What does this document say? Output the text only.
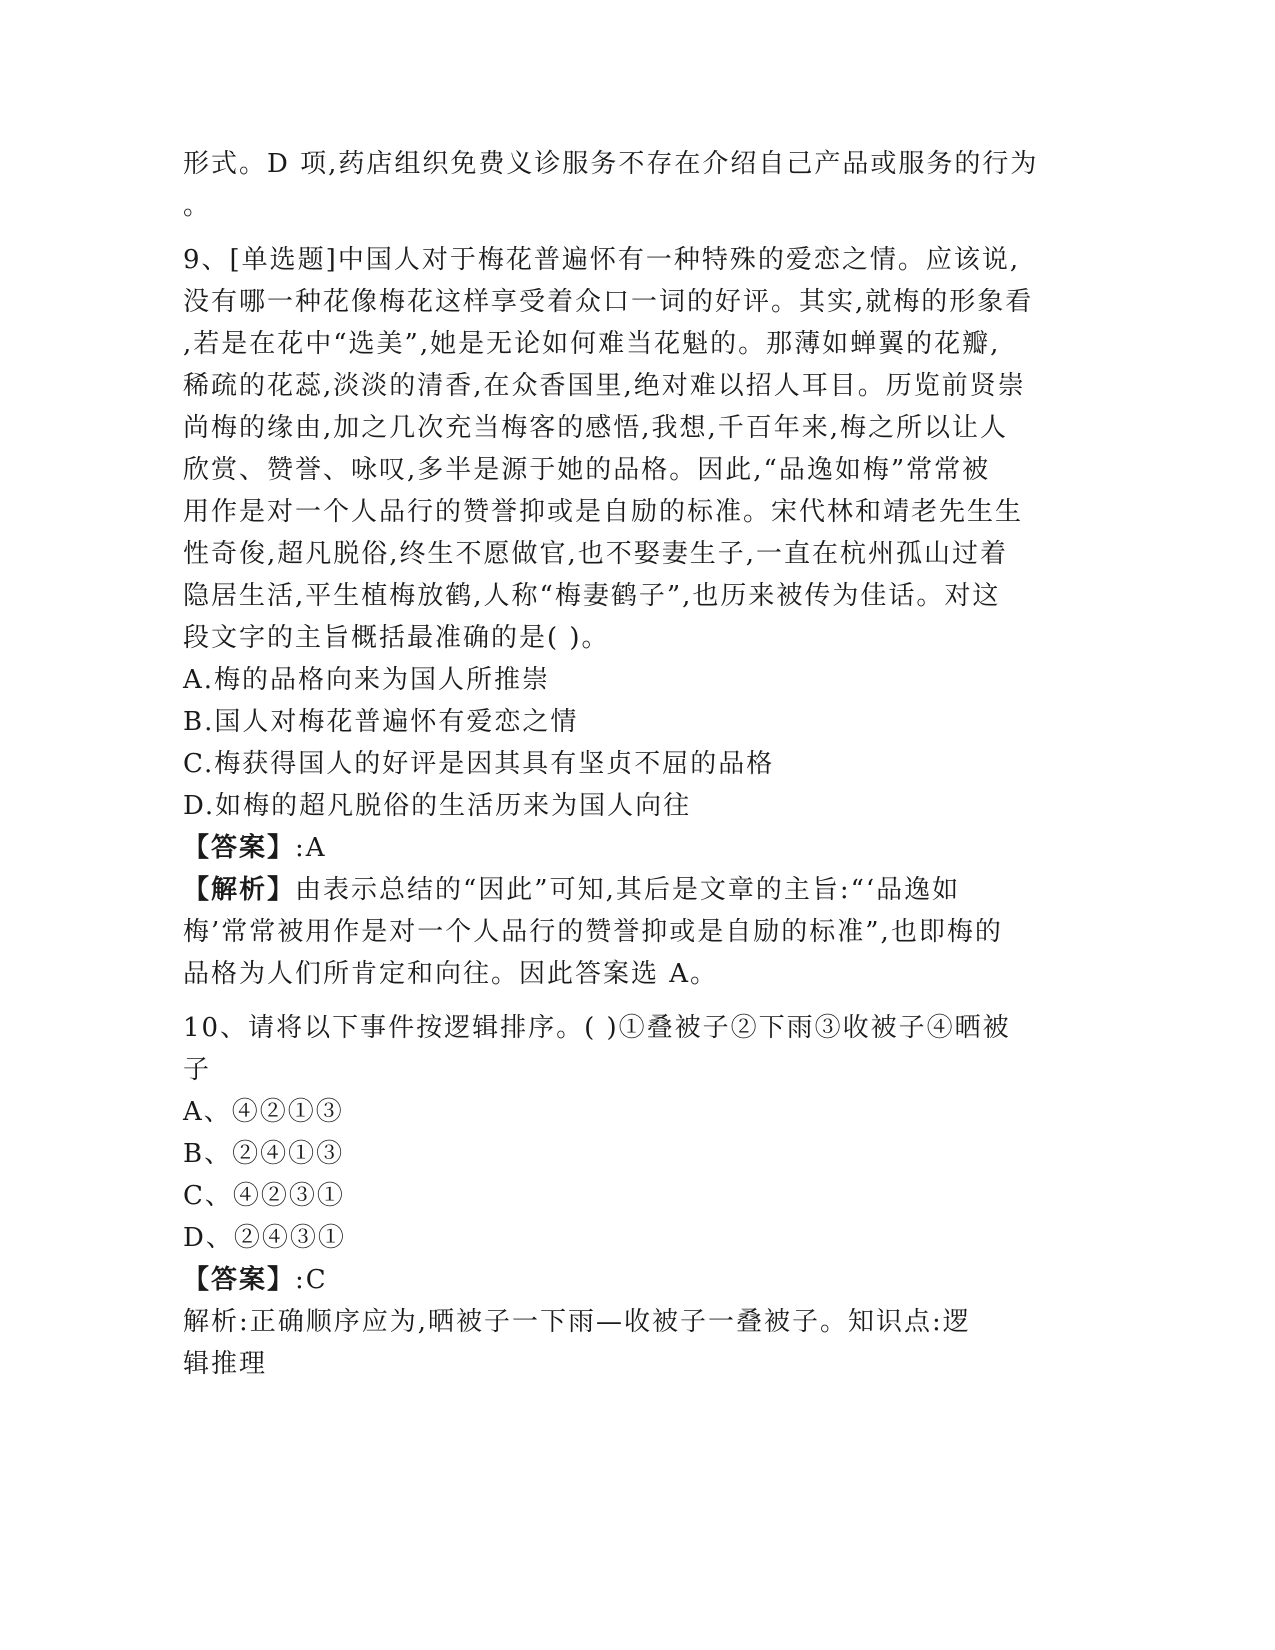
形式。D 项,药店组织免费义诊服务不存在介绍自己产品或服务的行为
。
9、[单选题]中国人对于梅花普遍怀有一种特殊的爱恋之情。应该说,
没有哪一种花像梅花这样享受着众口一词的好评。其实,就梅的形象看
,若是在花中“选美”,她是无论如何难当花魁的。那薄如蝉翼的花瓣,
稀疏的花蕊,淡淡的清香,在众香国里,绝对难以招人耳目。历览前贤崇
尚梅的缘由,加之几次充当梅客的感悟,我想,千百年来,梅之所以让人
欣赏、赞誉、咏叹,多半是源于她的品格。因此,“品逸如梅”常常被
用作是对一个人品行的赞誉抑或是自励的标准。宋代林和靖老先生生
性奇俊,超凡脱俗,终生不愿做官,也不娶妻生子,一直在杭州孤山过着
隐居生活,平生植梅放鹤,人称“梅妻鹤子”,也历来被传为佳话。对这
段文字的主旨概括最准确的是( )。
A.梅的品格向来为国人所推崇
B.国人对梅花普遍怀有爱恋之情
C.梅获得国人的好评是因其具有坚贞不屈的品格
D.如梅的超凡脱俗的生活历来为国人向往
【答案】:A
【解析】由表示总结的“因此”可知,其后是文章的主旨:“‘品逸如
梅’常常被用作是对一个人品行的赞誉抑或是自励的标准”,也即梅的
品格为人们所肯定和向往。因此答案选 A。
10、请将以下事件按逻辑排序。( )①叠被子②下雨③收被子④晒被
子
A、④②①③
B、②④①③
C、④②③①
D、②④③①
【答案】:C
解析:正确顺序应为,晒被子一下雨—收被子一叠被子。知识点:逻
辑推理
